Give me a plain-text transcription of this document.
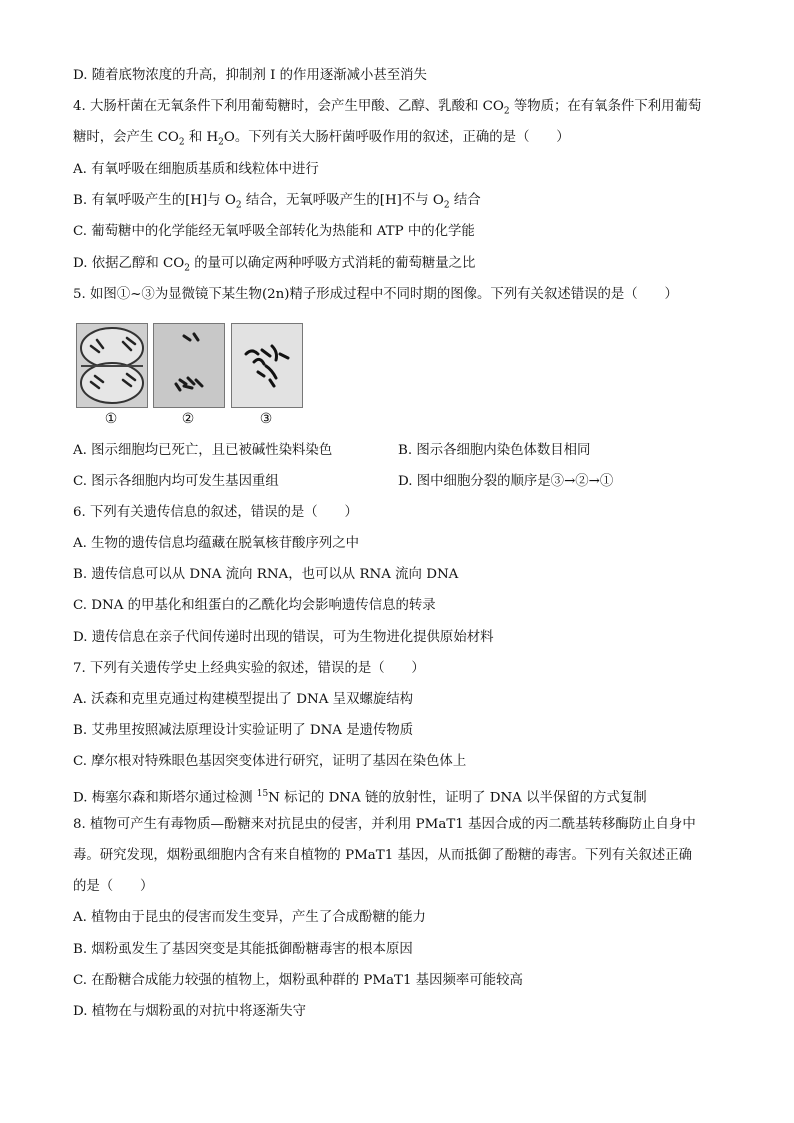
D. 随着底物浓度的升高，抑制剂 I 的作用逐渐减小甚至消失
4. 大肠杆菌在无氧条件下利用葡萄糖时，会产生甲酸、乙醇、乳酸和 $CO_2$ 等物质；在有氧条件下利用葡萄
糖时，会产生 $CO_2$ 和 $H_2O$。下列有关大肠杆菌呼吸作用的叙述，正确的是（　　）
A. 有氧呼吸在细胞质基质和线粒体中进行
B. 有氧呼吸产生的[H]与 $O_2$ 结合，无氧呼吸产生的[H]不与 $O_2$ 结合
C. 葡萄糖中的化学能经无氧呼吸全部转化为热能和 ATP 中的化学能
D. 依据乙醇和 $CO_2$ 的量可以确定两种呼吸方式消耗的葡萄糖量之比
5. 如图①~③为显微镜下某生物(2n)精子形成过程中不同时期的图像。下列有关叙述错误的是（　　）
①	②	③
A. 图示细胞均已死亡，且已被碱性染料染色	B. 图示各细胞内染色体数目相同
C. 图示各细胞内均可发生基因重组	D. 图中细胞分裂的顺序是③→②→①
6. 下列有关遗传信息的叙述，错误的是（　　）
A. 生物的遗传信息均蕴藏在脱氧核苷酸序列之中
B. 遗传信息可以从 DNA 流向 RNA，也可以从 RNA 流向 DNA
C. DNA 的甲基化和组蛋白的乙酰化均会影响遗传信息的转录
D. 遗传信息在亲子代间传递时出现的错误，可为生物进化提供原始材料
7. 下列有关遗传学史上经典实验的叙述，错误的是（　　）
A. 沃森和克里克通过构建模型提出了 DNA 呈双螺旋结构
B. 艾弗里按照减法原理设计实验证明了 DNA 是遗传物质
C. 摩尔根对特殊眼色基因突变体进行研究，证明了基因在染色体上
D. 梅塞尔森和斯塔尔通过检测 $^{15}$N 标记的 DNA 链的放射性，证明了 DNA 以半保留的方式复制
8. 植物可产生有毒物质—酚糖来对抗昆虫的侵害，并利用 PMaT1 基因合成的丙二酰基转移酶防止自身中
毒。研究发现，烟粉虱细胞内含有来自植物的 PMaT1 基因，从而抵御了酚糖的毒害。下列有关叙述正确
的是（　　）
A. 植物由于昆虫的侵害而发生变异，产生了合成酚糖的能力
B. 烟粉虱发生了基因突变是其能抵御酚糖毒害的根本原因
C. 在酚糖合成能力较强的植物上，烟粉虱种群的 PMaT1 基因频率可能较高
D. 植物在与烟粉虱的对抗中将逐渐失守
